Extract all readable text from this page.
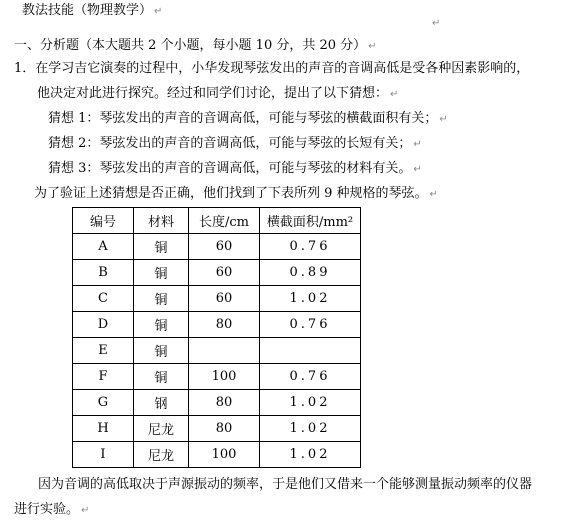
教法技能（物理教学） ↵
↵
一、分析题（本大题共 2 个小题，每小题 10 分，共 20 分） ↵
1．在学习吉它演奏的过程中，小华发现琴弦发出的声音的音调高低是受各种因素影响的，
他决定对此进行探究。经过和同学们讨论，提出了以下猜想： ↵
猜想 1：琴弦发出的声音的音调高低，可能与琴弦的横截面积有关； ↵
猜想 2：琴弦发出的声音的音调高低，可能与琴弦的长短有关； ↵
猜想 3：琴弦发出的声音的音调高低，可能与琴弦的材料有关。 ↵
为了验证上述猜想是否正确，他们找到了下表所列 9 种规格的琴弦。 ↵
编号	材料	长度/cm	横截面积/mm²
A	铜	60	0.76
B	铜	60	0.89
C	铜	60	1.02
D	铜	80	0.76
E	铜		
F	铜	100	0.76
G	钢	80	1.02
H	尼龙	80	1.02
I	尼龙	100	1.02
因为音调的高低取决于声源振动的频率，于是他们又借来一个能够测量振动频率的仪器
进行实验。 ↵
